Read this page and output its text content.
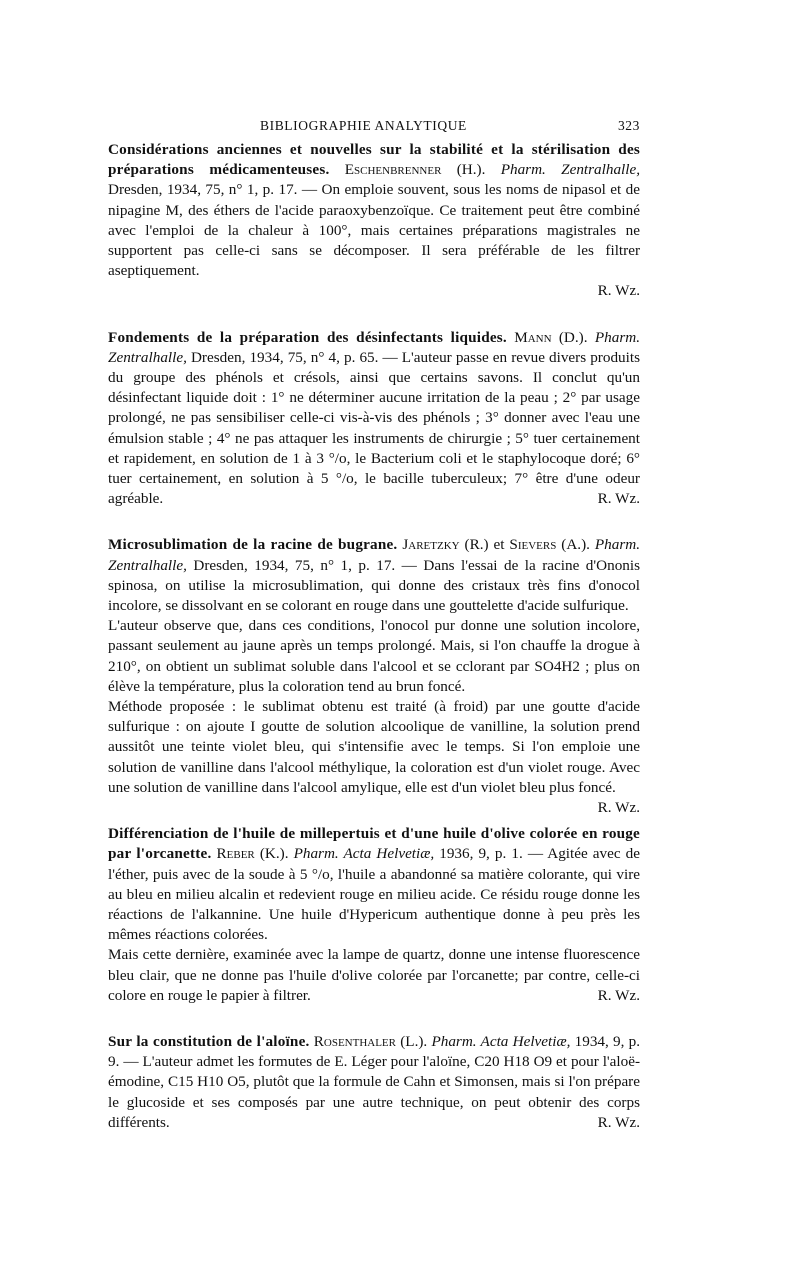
BIBLIOGRAPHIE ANALYTIQUE	323

Considérations anciennes et nouvelles sur la stabilité et la stérilisation des préparations médicamenteuses. Eschenbrenner (H.). Pharm. Zentralhalle, Dresden, 1934, 75, n° 1, p. 17. — On emploie souvent, sous les noms de nipasol et de nipagine M, des éthers de l'acide paraoxybenzoïque. Ce traitement peut être combiné avec l'emploi de la chaleur à 100°, mais certaines préparations magistrales ne supportent pas celle-ci sans se décomposer. Il sera préférable de les filtrer aseptiquement.

R. Wz.

Fondements de la préparation des désinfectants liquides. Mann (D.). Pharm. Zentralhalle, Dresden, 1934, 75, n° 4, p. 65. — L'auteur passe en revue divers produits du groupe des phénols et crésols, ainsi que certains savons. Il conclut qu'un désinfectant liquide doit : 1° ne déterminer aucune irritation de la peau ; 2° par usage prolongé, ne pas sensibiliser celle-ci vis-à-vis des phénols ; 3° donner avec l'eau une émulsion stable ; 4° ne pas attaquer les instruments de chirurgie ; 5° tuer certainement et rapidement, en solution de 1 à 3 °/o, le Bacterium coli et le staphylocoque doré; 6° tuer certainement, en solution à 5 °/o, le bacille tuberculeux; 7° être d'une odeur agréable.	R. Wz.

Microsublimation de la racine de bugrane. Jaretzky (R.) et Sievers (A.). Pharm. Zentralhalle, Dresden, 1934, 75, n° 1, p. 17. — Dans l'essai de la racine d'Ononis spinosa, on utilise la microsublimation, qui donne des cristaux très fins d'onocol incolore, se dissolvant en se colorant en rouge dans une gouttelette d'acide sulfurique.

L'auteur observe que, dans ces conditions, l'onocol pur donne une solution incolore, passant seulement au jaune après un temps prolongé. Mais, si l'on chauffe la drogue à 210°, on obtient un sublimat soluble dans l'alcool et se cclorant par SO4H2 ; plus on élève la température, plus la coloration tend au brun foncé.

Méthode proposée : le sublimat obtenu est traité (à froid) par une goutte d'acide sulfurique : on ajoute I goutte de solution alcoolique de vanilline, la solution prend aussitôt une teinte violet bleu, qui s'intensifie avec le temps. Si l'on emploie une solution de vanilline dans l'alcool méthylique, la coloration est d'un violet rouge. Avec une solution de vanilline dans l'alcool amylique, elle est d'un violet bleu plus foncé.
R. Wz.

Différenciation de l'huile de millepertuis et d'une huile d'olive colorée en rouge par l'orcanette. Reber (K.). Pharm. Acta Helvetiæ, 1936, 9, p. 1. — Agitée avec de l'éther, puis avec de la soude à 5 °/o, l'huile a abandonné sa matière colorante, qui vire au bleu en milieu alcalin et redevient rouge en milieu acide. Ce résidu rouge donne les réactions de l'alkannine. Une huile d'Hypericum authentique donne à peu près les mêmes réactions colorées.

Mais cette dernière, examinée avec la lampe de quartz, donne une intense fluorescence bleu clair, que ne donne pas l'huile d'olive colorée par l'orcanette; par contre, celle-ci colore en rouge le papier à filtrer.	R. Wz.

Sur la constitution de l'aloïne. Rosenthaler (L.). Pharm. Acta Helvetiæ, 1934, 9, p. 9. — L'auteur admet les formutes de E. Léger pour l'aloïne, C20 H18 O9 et pour l'aloë-émodine, C15 H10 O5, plutôt que la formule de Cahn et Simonsen, mais si l'on prépare le glucoside et ses composés par une autre technique, on peut obtenir des corps différents.	R. Wz.
